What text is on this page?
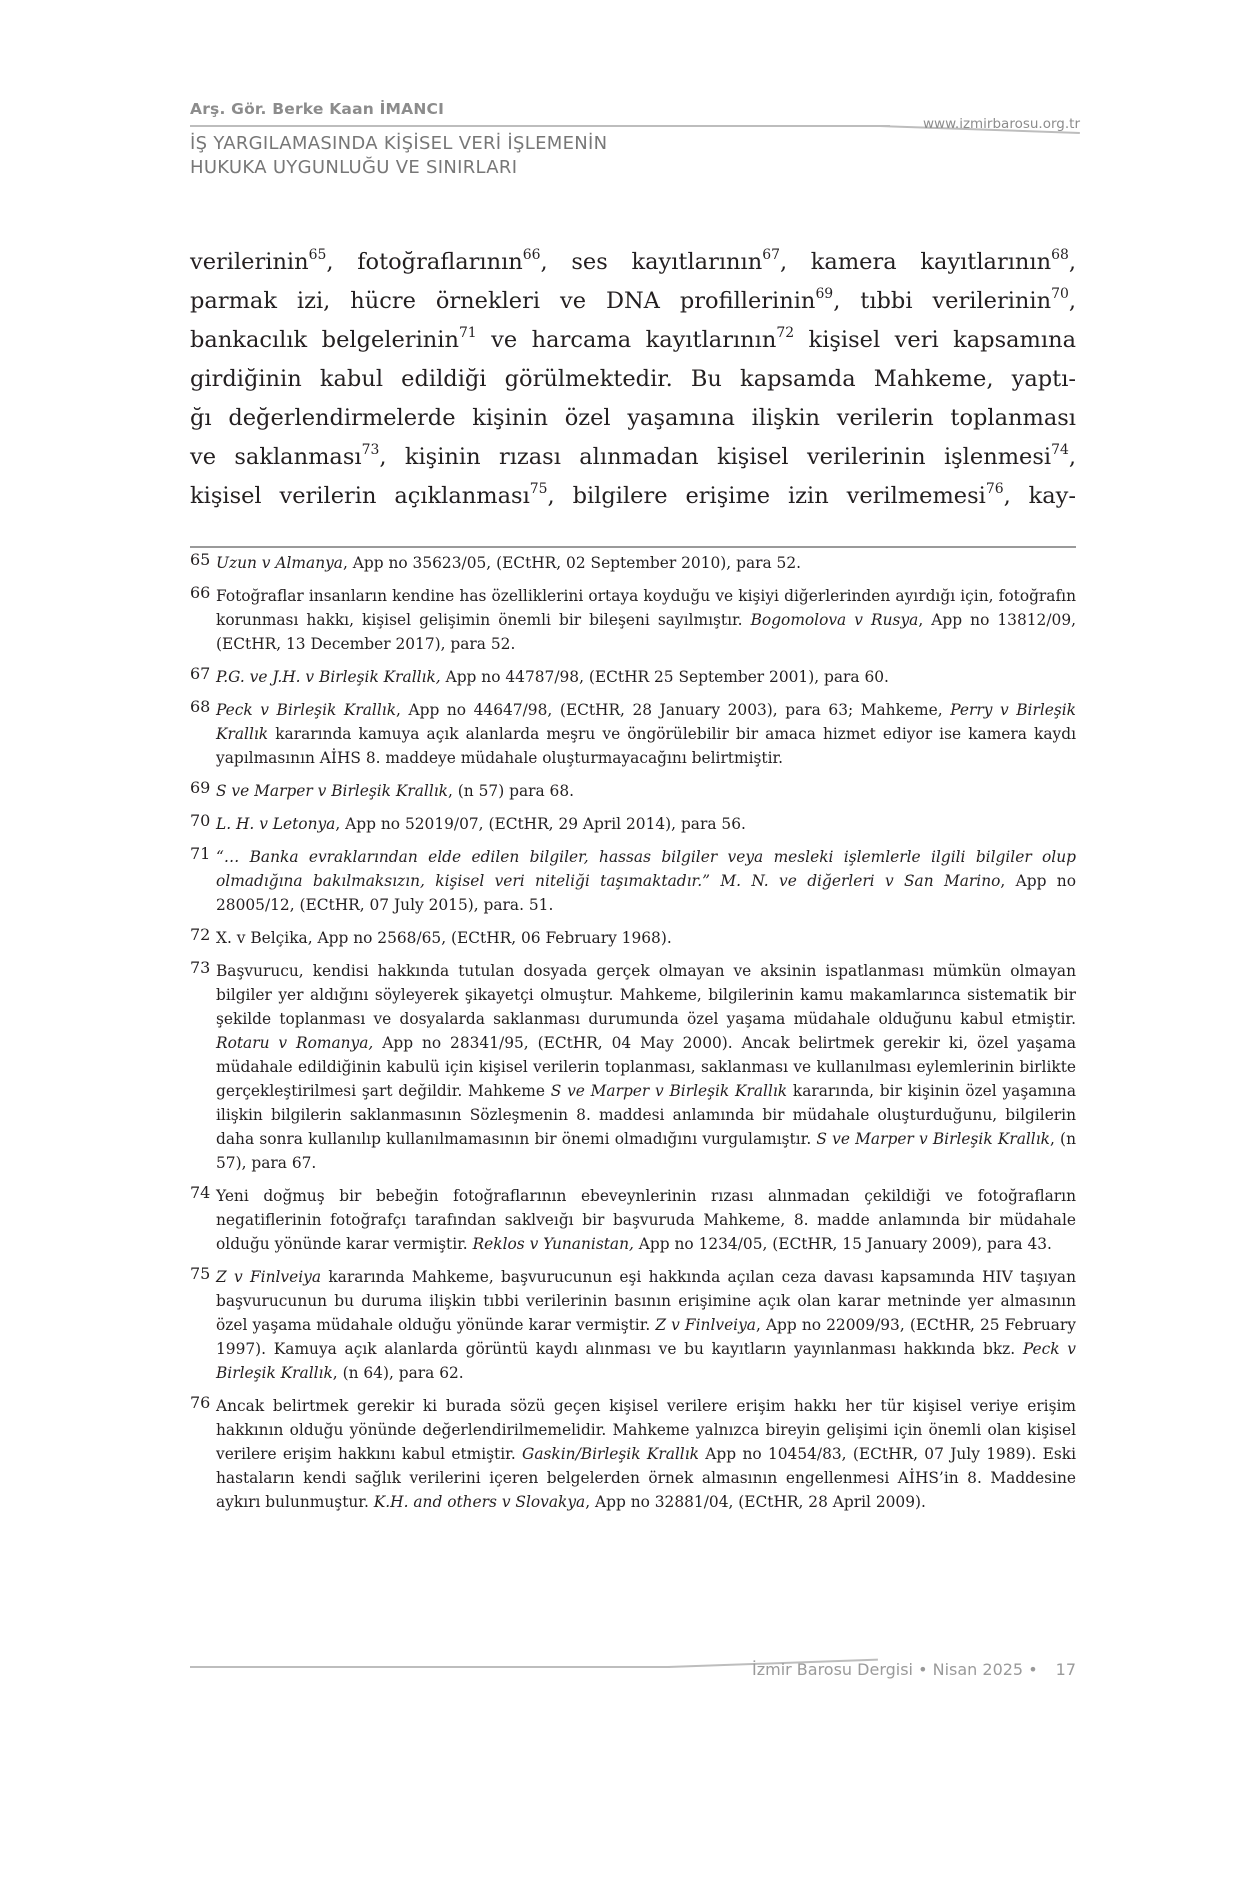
Arş. Gör. Berke Kaan İMANCI
www.izmirbarosu.org.tr
İŞ YARGILAMASINDA KİŞİSEL VERİ İŞLEMENİN
HUKUKA UYGUNLUĞU VE SINIRLARI
verilerinin$^{65}$, fotoğraflarının$^{66}$, ses kayıtlarının$^{67}$, kamera kayıtlarının$^{68}$,
parmak izi, hücre örnekleri ve DNA profillerinin$^{69}$, tıbbi verilerinin$^{70}$,
bankacılık belgelerinin$^{71}$ ve harcama kayıtlarının$^{72}$ kişisel veri kapsamına
girdiğinin kabul edildiği görülmektedir. Bu kapsamda Mahkeme, yaptı-
ğı değerlendirmelerde kişinin özel yaşamına ilişkin verilerin toplanması
ve saklanması$^{73}$, kişinin rızası alınmadan kişisel verilerinin işlenmesi$^{74}$,
kişisel verilerin açıklanması$^{75}$, bilgilere erişime izin verilmemesi$^{76}$, kay-
65 Uzun v Almanya, App no 35623/05, (ECtHR, 02 September 2010), para 52.
66 Fotoğraflar insanların kendine has özelliklerini ortaya koyduğu ve kişiyi diğerlerinden ayırdığı için, fotoğrafın korunması hakkı, kişisel gelişimin önemli bir bileşeni sayılmıştır. Bogomolova v Rusya, App no 13812/09, (ECtHR, 13 December 2017), para 52.
67 P.G. ve J.H. v Birleşik Krallık, App no 44787/98, (ECtHR 25 September 2001), para 60.
68 Peck v Birleşik Krallık, App no 44647/98, (ECtHR, 28 January 2003), para 63; Mahkeme, Perry v Birleşik Krallık kararında kamuya açık alanlarda meşru ve öngörülebilir bir amaca hizmet ediyor ise kamera kaydı yapılmasının AİHS 8. maddeye müdahale oluşturmayacağını belirtmiştir.
69 S ve Marper v Birleşik Krallık, (n 57) para 68.
70 L. H. v Letonya, App no 52019/07, (ECtHR, 29 April 2014), para 56.
71 “… Banka evraklarından elde edilen bilgiler, hassas bilgiler veya mesleki işlemlerle ilgili bilgiler olup olmadığına bakılmaksızın, kişisel veri niteliği taşımaktadır.” M. N. ve diğerleri v San Marino, App no 28005/12, (ECtHR, 07 July 2015), para. 51.
72 X. v Belçika, App no 2568/65, (ECtHR, 06 February 1968).
73 Başvurucu, kendisi hakkında tutulan dosyada gerçek olmayan ve aksinin ispatlanması mümkün olmayan bilgiler yer aldığını söyleyerek şikayetçi olmuştur. Mahkeme, bilgilerinin kamu makamlarınca sistematik bir şekilde toplanması ve dosyalarda saklanması durumunda özel yaşama müdahale olduğunu kabul etmiştir. Rotaru v Romanya, App no 28341/95, (ECtHR, 04 May 2000). Ancak belirtmek gerekir ki, özel yaşama müdahale edildiğinin kabulü için kişisel verilerin toplanması, saklanması ve kullanılması eylemlerinin birlikte gerçekleştirilmesi şart değildir. Mahkeme S ve Marper v Birleşik Krallık kararında, bir kişinin özel yaşamına ilişkin bilgilerin saklanmasının Sözleşmenin 8. maddesi anlamında bir müdahale oluşturduğunu, bilgilerin daha sonra kullanılıp kullanılmamasının bir önemi olmadığını vurgulamıştır. S ve Marper v Birleşik Krallık, (n 57), para 67.
74 Yeni doğmuş bir bebeğin fotoğraflarının ebeveynlerinin rızası alınmadan çekildiği ve fotoğrafların negatiflerinin fotoğrafçı tarafından saklveığı bir başvuruda Mahkeme, 8. madde anlamında bir müdahale olduğu yönünde karar vermiştir. Reklos v Yunanistan, App no 1234/05, (ECtHR, 15 January 2009), para 43.
75 Z v Finlveiya kararında Mahkeme, başvurucunun eşi hakkında açılan ceza davası kapsamında HIV taşıyan başvurucunun bu duruma ilişkin tıbbi verilerinin basının erişimine açık olan karar metninde yer almasının özel yaşama müdahale olduğu yönünde karar vermiştir. Z v Finlveiya, App no 22009/93, (ECtHR, 25 February 1997). Kamuya açık alanlarda görüntü kaydı alınması ve bu kayıtların yayınlanması hakkında bkz. Peck v Birleşik Krallık, (n 64), para 62.
76 Ancak belirtmek gerekir ki burada sözü geçen kişisel verilere erişim hakkı her tür kişisel veriye erişim hakkının olduğu yönünde değerlendirilmemelidir. Mahkeme yalnızca bireyin gelişimi için önemli olan kişisel verilere erişim hakkını kabul etmiştir. Gaskin/Birleşik Krallık App no 10454/83, (ECtHR, 07 July 1989). Eski hastaların kendi sağlık verilerini içeren belgelerden örnek almasının engellenmesi AİHS’in 8. Maddesine aykırı bulunmuştur. K.H. and others v Slovakya, App no 32881/04, (ECtHR, 28 April 2009).
İzmir Barosu Dergisi • Nisan 2025 • 17
